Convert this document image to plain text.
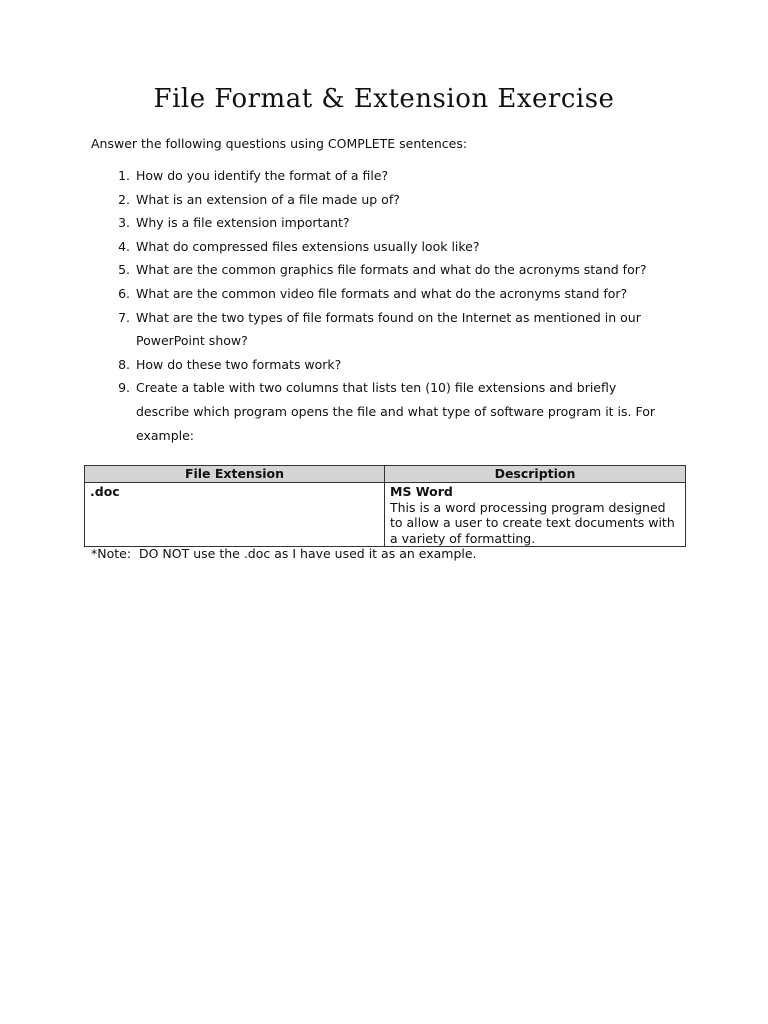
File Format & Extension Exercise

Answer the following questions using COMPLETE sentences:

1. How do you identify the format of a file?
2. What is an extension of a file made up of?
3. Why is a file extension important?
4. What do compressed files extensions usually look like?
5. What are the common graphics file formats and what do the acronyms stand for?
6. What are the common video file formats and what do the acronyms stand for?
7. What are the two types of file formats found on the Internet as mentioned in our PowerPoint show?
8. How do these two formats work?
9. Create a table with two columns that lists ten (10) file extensions and briefly describe which program opens the file and what type of software program it is. For example:
File Extension	Description
.doc	MS Word
This is a word processing program designed to allow a user to create text documents with a variety of formatting.

*Note:  DO NOT use the .doc as I have used it as an example.
